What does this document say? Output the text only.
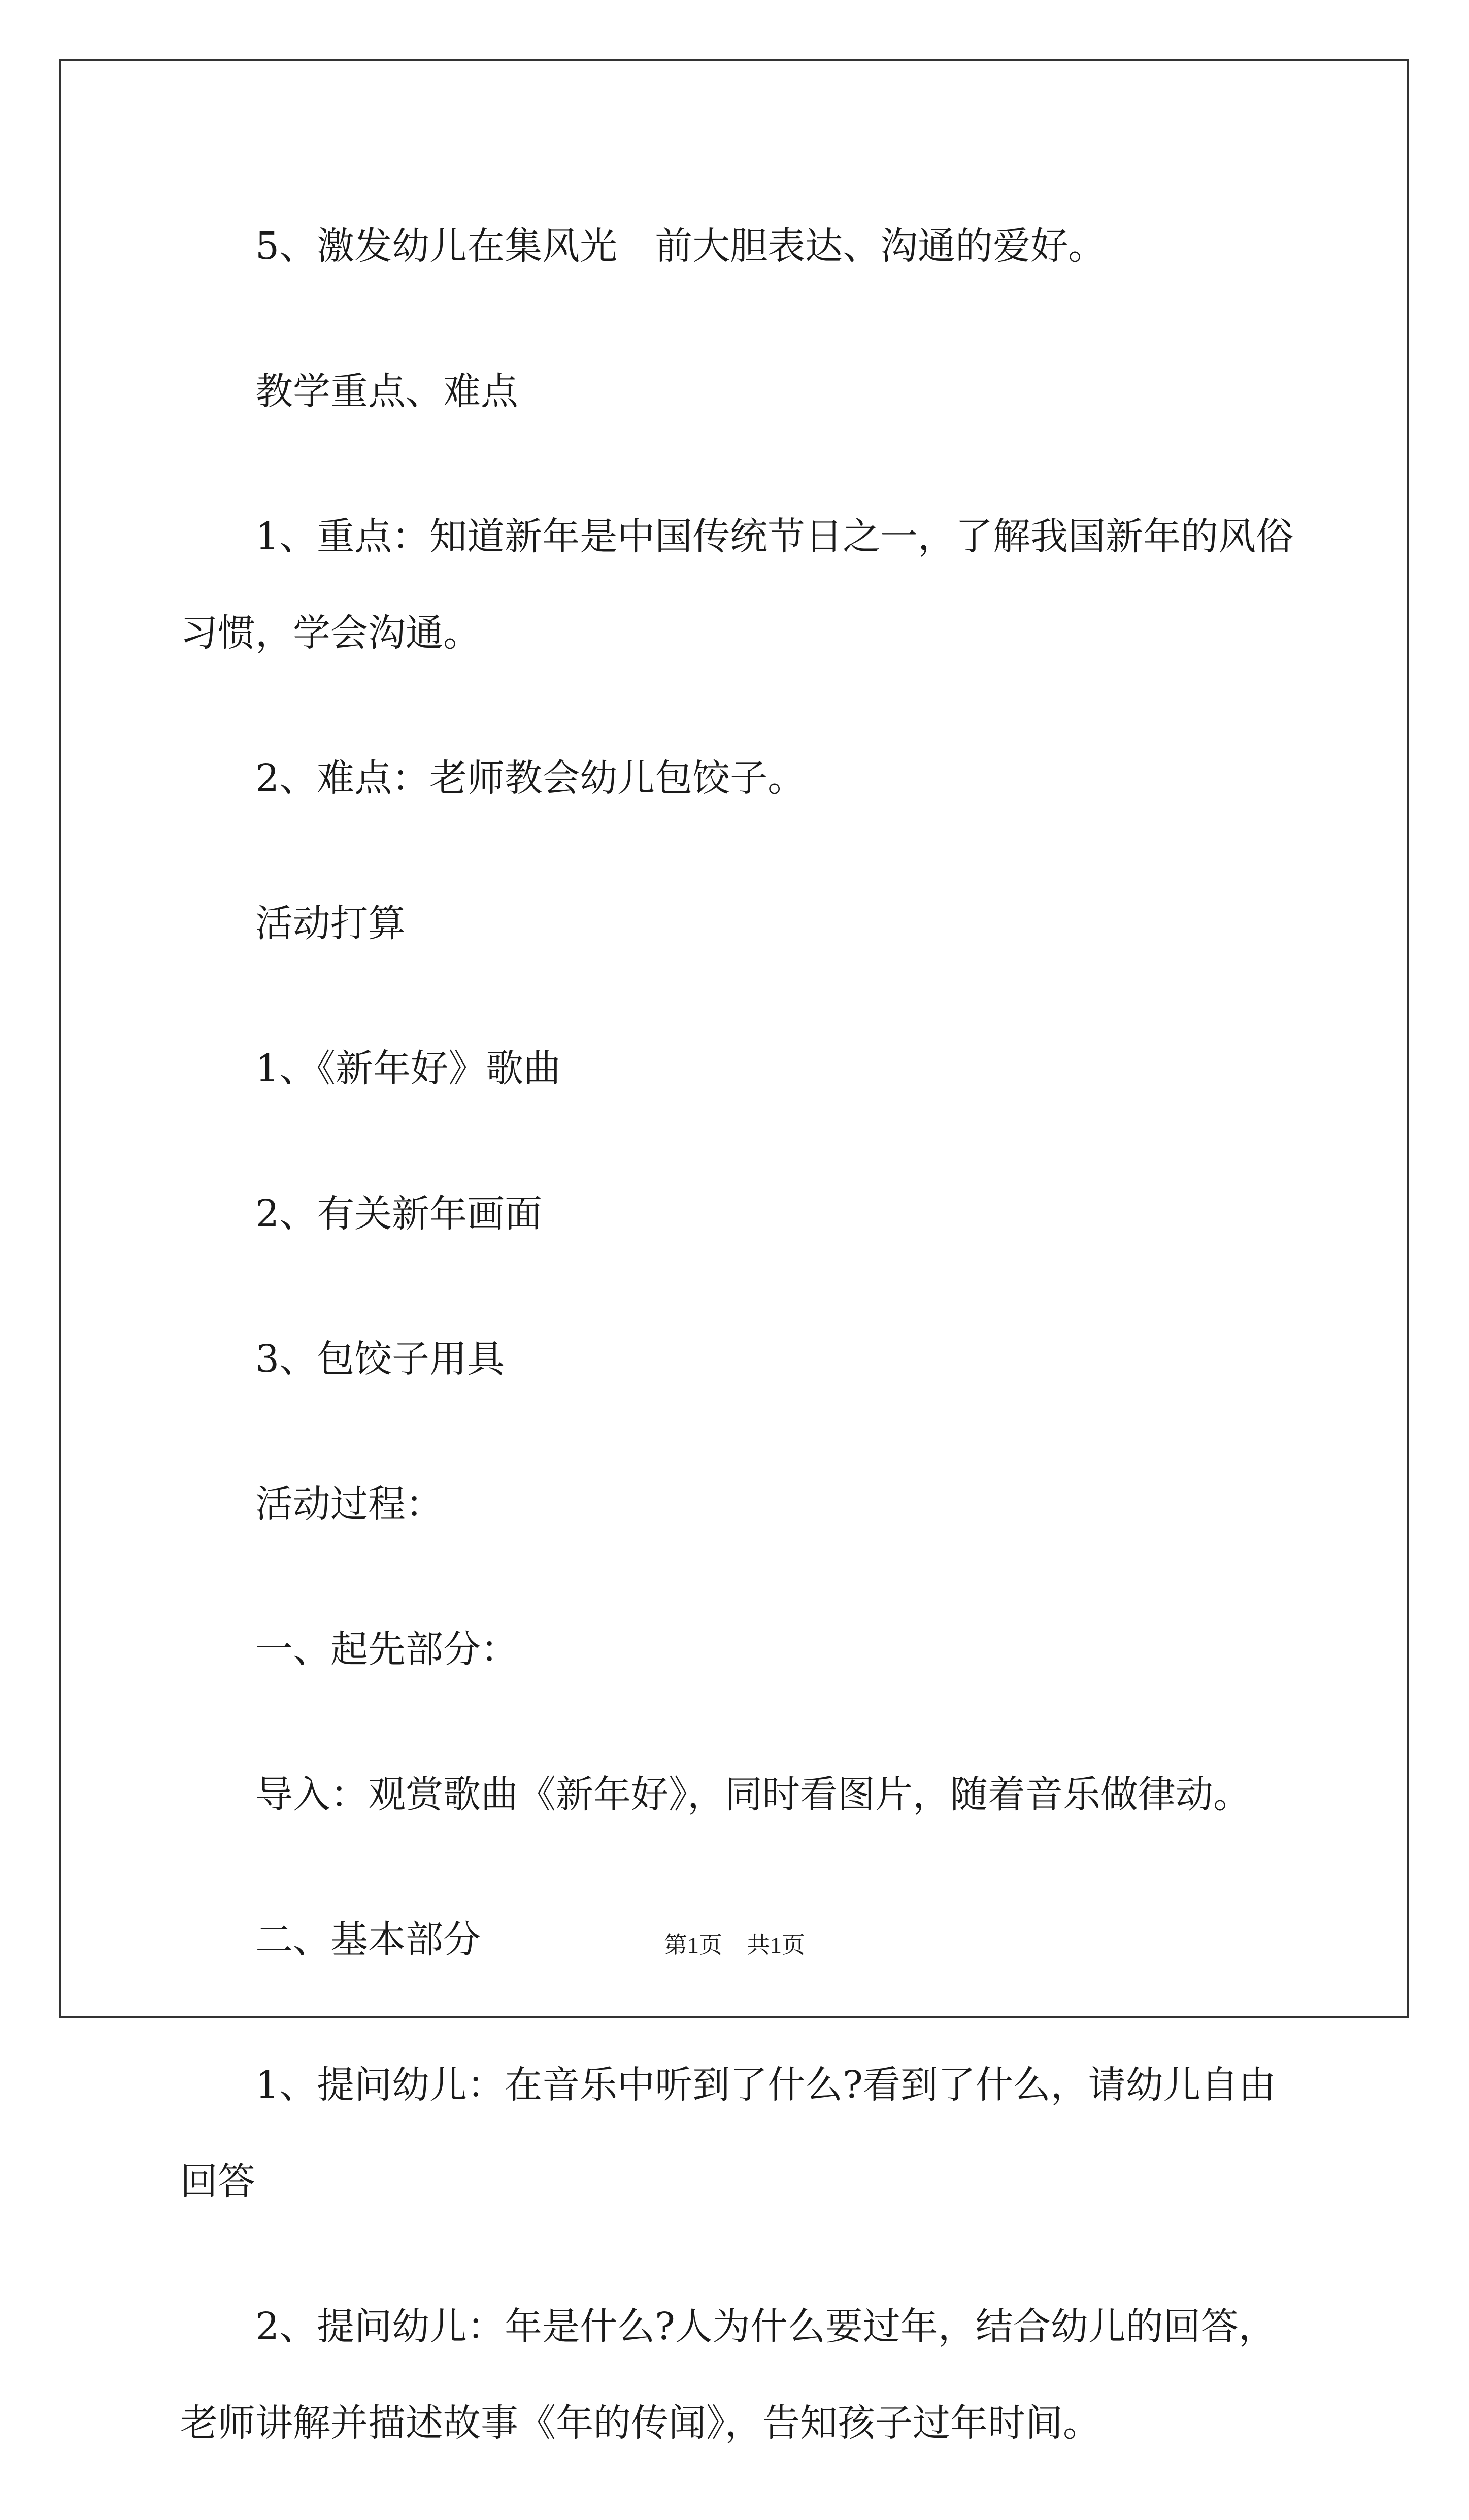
5、激发幼儿在集风光　前大胆表达、沟通的爱好。

教学重点、难点

1、重点：知道新年是中国传统节日之一，了解我国新年的风俗习惯，学会沟通。

2、难点：老师教会幼儿包饺子。

活动打算

1、《新年好》歌曲

2、有关新年画面

3、包饺子用具

活动过程：

一、起先部分：

导入：观赏歌曲《新年好》，同时看图片，随着音乐做律动。

二、基本部分

1、提问幼儿：在音乐中听到了什么?看到了什么，请幼儿自由回答

2、提问幼儿：年是什么?人为什么要过年，结合幼儿的回答，老师讲解并描述故事《年的传闻》，告知孩子过年时间。

第1页 共1页
